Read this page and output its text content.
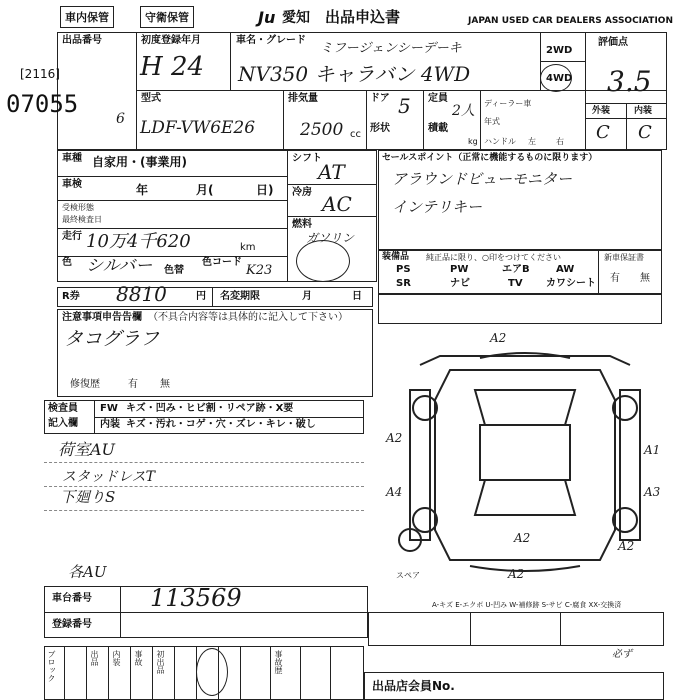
車内保管	守衛保管	Ju 愛知 出品申込書	JAPAN USED CAR DEALERS ASSOCIATION
出品番号
[2116]
07055
6
初度登録年月
H 24
車名・グレード
ミフージェンシーデーキ
NV350 キャラバン 4WD
2WD
4WD
評価点
3.5
外装	内装
C C
型式
LDF-VW6E26
排気量
2500 cc
ドア 5
形状
定員
2人
積載
kg
ディーラー車
年式
ハンドル 左	右
車種 自家用・(事業用)
車検	年	月(	日)
受検形態
最終検査日
走行 10万4千620	km
色 シルバー 色替
色コード
K23
シフト
AT
冷房 AC
燃料
ガソリン
R券 8810	円 名変期限	月	日
セールスポイント（正常に機能するものに限ります）
アラウンドビューモニター
インテリキー
装備品 純正品に限り、○印をつけてください
PS	PW	エアB	AW
SR	ナビ	TV カワシート
新車保証書
有 無
注意事項申告告欄 （不具合内容等は具体的に記入して下さい）
タコグラフ
修復歴	有 無
検査員
記入欄
FW キズ・凹み・ヒビ割・リペア跡・X要
内装 キズ・汚れ・コゲ・穴・ズレ・キレ・破し
荷室AU
スタッドレスT
下廻りS
各AU
A2
A2
A1
A4	A3
A2
A2
A2
スペア
A-キズ E-エクボ U-凹み W-補修跡 S-サビ C-腐食 XX-交換済
車台番号 113569
登録番号
ブロック	出品 内装 事故 初出品	事故歴
出品店会員No.
必ず
